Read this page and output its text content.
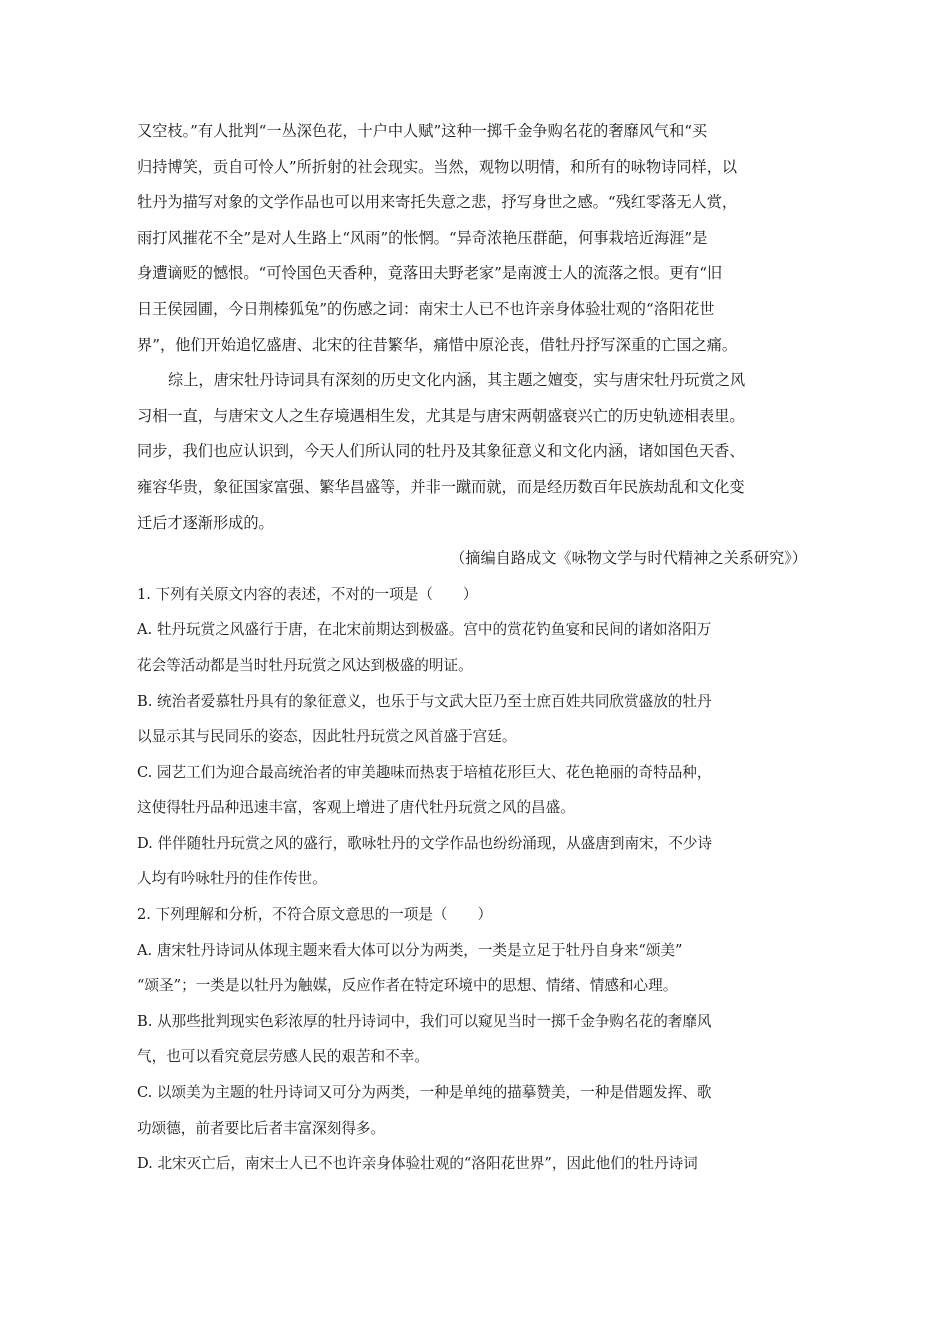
又空枝。”有人批判“一丛深色花，十户中人赋”这种一掷千金争购名花的奢靡风气和“买
归持博笑，贡自可怜人”所折射的社会现实。当然，观物以明情，和所有的咏物诗同样，以
牡丹为描写对象的文学作品也可以用来寄托失意之悲，抒写身世之感。“残红零落无人赏，
雨打风摧花不全”是对人生路上“风雨”的怅惘。“异奇浓艳压群葩，何事栽培近海涯”是
身遭谪贬的憾恨。“可怜国色天香种，竟落田夫野老家”是南渡士人的流落之恨。更有“旧
日王侯园圃，今日荆榛狐兔”的伤感之词：南宋士人已不也许亲身体验壮观的“洛阳花世
界”，他们开始追忆盛唐、北宋的往昔繁华，痛惜中原沦丧，借牡丹抒写深重的亡国之痛。
综上，唐宋牡丹诗词具有深刻的历史文化内涵，其主题之嬗变，实与唐宋牡丹玩赏之风
习相一直，与唐宋文人之生存境遇相生发，尤其是与唐宋两朝盛衰兴亡的历史轨迹相表里。
同步，我们也应认识到，今天人们所认同的牡丹及其象征意义和文化内涵，诸如国色天香、
雍容华贵，象征国家富强、繁华昌盛等，并非一蹴而就，而是经历数百年民族劫乱和文化变
迁后才逐渐形成的。
（摘编自路成文《咏物文学与时代精神之关系研究》）
1. 下列有关原文内容的表述，不对的一项是（ ）
A. 牡丹玩赏之风盛行于唐，在北宋前期达到极盛。宫中的赏花钓鱼宴和民间的诸如洛阳万
花会等活动都是当时牡丹玩赏之风达到极盛的明证。
B. 统治者爱慕牡丹具有的象征意义，也乐于与文武大臣乃至士庶百姓共同欣赏盛放的牡丹
以显示其与民同乐的姿态，因此牡丹玩赏之风首盛于宫廷。
C. 园艺工们为迎合最高统治者的审美趣味而热衷于培植花形巨大、花色艳丽的奇特品种，
这使得牡丹品种迅速丰富，客观上增进了唐代牡丹玩赏之风的昌盛。
D. 伴伴随牡丹玩赏之风的盛行，歌咏牡丹的文学作品也纷纷涌现，从盛唐到南宋，不少诗
人均有吟咏牡丹的佳作传世。
2. 下列理解和分析，不符合原文意思的一项是（ ）
A. 唐宋牡丹诗词从体现主题来看大体可以分为两类，一类是立足于牡丹自身来“颂美”
“颂圣”；一类是以牡丹为触媒，反应作者在特定环境中的思想、情绪、情感和心理。
B. 从那些批判现实色彩浓厚的牡丹诗词中，我们可以窥见当时一掷千金争购名花的奢靡风
气，也可以看究竟层劳感人民的艰苦和不幸。
C. 以颂美为主题的牡丹诗词又可分为两类，一种是单纯的描摹赞美，一种是借题发挥、歌
功颂德，前者要比后者丰富深刻得多。
D. 北宋灭亡后，南宋士人已不也许亲身体验壮观的“洛阳花世界”，因此他们的牡丹诗词
